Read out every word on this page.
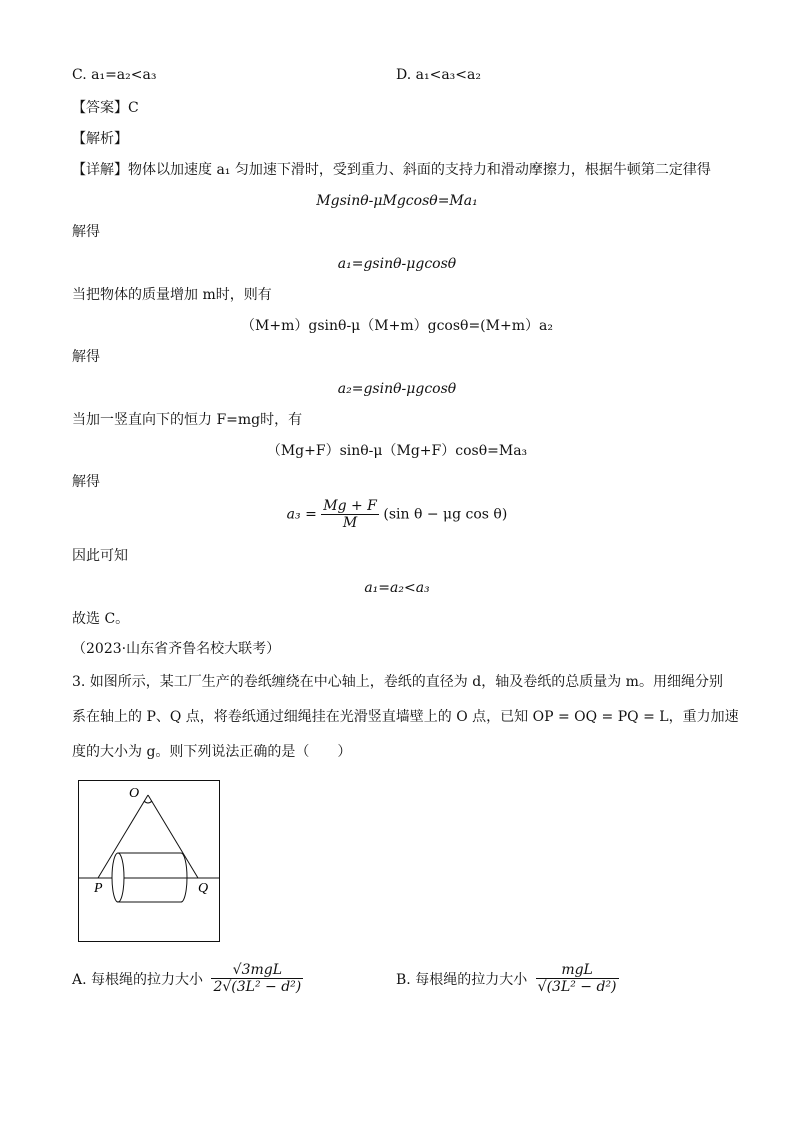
C. a₁=a₂<a₃	D. a₁<a₃<a₂
【答案】C
【解析】
【详解】物体以加速度 a₁ 匀加速下滑时，受到重力、斜面的支持力和滑动摩擦力，根据牛顿第二定律得
Mgsinθ-μMgcosθ=Ma₁
解得
a₁=gsinθ-μgcosθ
当把物体的质量增加 m时，则有
（M+m）gsinθ-μ（M+m）gcosθ=(M+m）a₂
解得
a₂=gsinθ-μgcosθ
当加一竖直向下的恒力 F=mg时，有
（Mg+F）sinθ-μ（Mg+F）cosθ=Ma₃
解得
$a_3 = \frac{Mg + F}{M} (\sin$ θ − μg cos θ)
因此可知
a₁=a₂<a₃
故选 C。
（2023·山东省齐鲁名校大联考）
3. 如图所示，某工厂生产的卷纸缠绕在中心轴上，卷纸的直径为 d，轴及卷纸的总质量为 m。用细绳分别
系在轴上的 P、Q 点，将卷纸通过细绳挂在光滑竖直墙壁上的 O 点，已知 OP = OQ = PQ = L，重力加速
度的大小为 g。则下列说法正确的是（　　）
O
P	Q
A. 每根绳的拉力大小 $\frac{\text{√3mgL}}{\text{2√(3L² − d²)}}$	B. 每根绳的拉力大小 $\frac{\text{mgL}}{\text{√(3L² − d²)}}$
